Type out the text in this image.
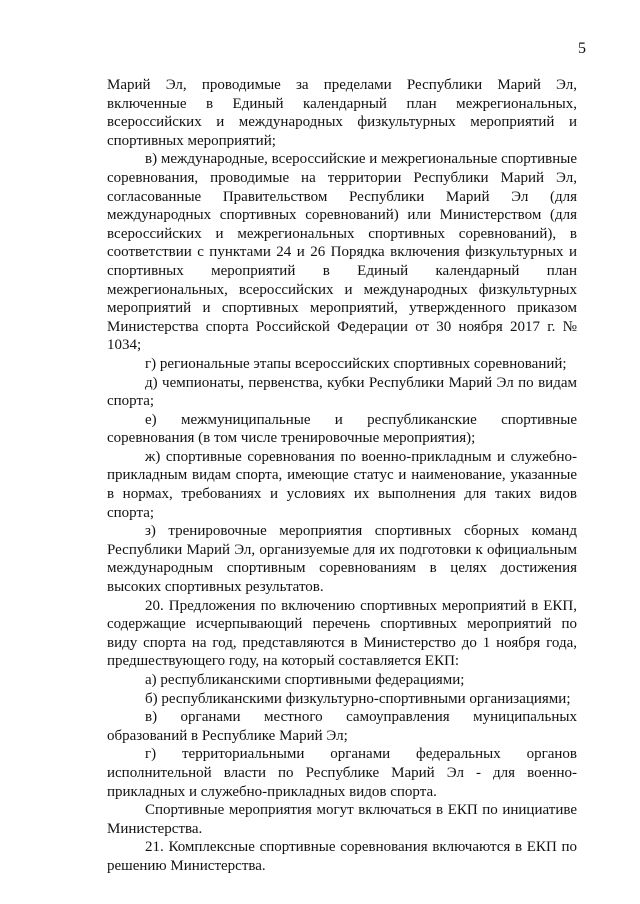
5

Марий Эл, проводимые за пределами Республики Марий Эл, включенные в Единый календарный план межрегиональных, всероссийских и международных физкультурных мероприятий и спортивных мероприятий;

в) международные, всероссийские и межрегиональные спортивные соревнования, проводимые на территории Республики Марий Эл, согласованные Правительством Республики Марий Эл (для международных спортивных соревнований) или Министерством (для всероссийских и межрегиональных спортивных соревнований), в соответствии с пунктами 24 и 26 Порядка включения физкультурных и спортивных мероприятий в Единый календарный план межрегиональных, всероссийских и международных физкультурных мероприятий и спортивных мероприятий, утвержденного приказом Министерства спорта Российской Федерации от 30 ноября 2017 г. № 1034;

г) региональные этапы всероссийских спортивных соревнований;

д) чемпионаты, первенства, кубки Республики Марий Эл по видам спорта;

е) межмуниципальные и республиканские спортивные соревнования (в том числе тренировочные мероприятия);

ж) спортивные соревнования по военно-прикладным и служебно-прикладным видам спорта, имеющие статус и наименование, указанные в нормах, требованиях и условиях их выполнения для таких видов спорта;

з) тренировочные мероприятия спортивных сборных команд Республики Марий Эл, организуемые для их подготовки к официальным международным спортивным соревнованиям в целях достижения высоких спортивных результатов.

20. Предложения по включению спортивных мероприятий в ЕКП, содержащие исчерпывающий перечень спортивных мероприятий по виду спорта на год, представляются в Министерство до 1 ноября года, предшествующего году, на который составляется ЕКП:

а) республиканскими спортивными федерациями;

б) республиканскими физкультурно-спортивными организациями;

в) органами местного самоуправления муниципальных образований в Республике Марий Эл;

г) территориальными органами федеральных органов исполнительной власти по Республике Марий Эл - для военно-прикладных и служебно-прикладных видов спорта.

Спортивные мероприятия могут включаться в ЕКП по инициативе Министерства.

21. Комплексные спортивные соревнования включаются в ЕКП по решению Министерства.
